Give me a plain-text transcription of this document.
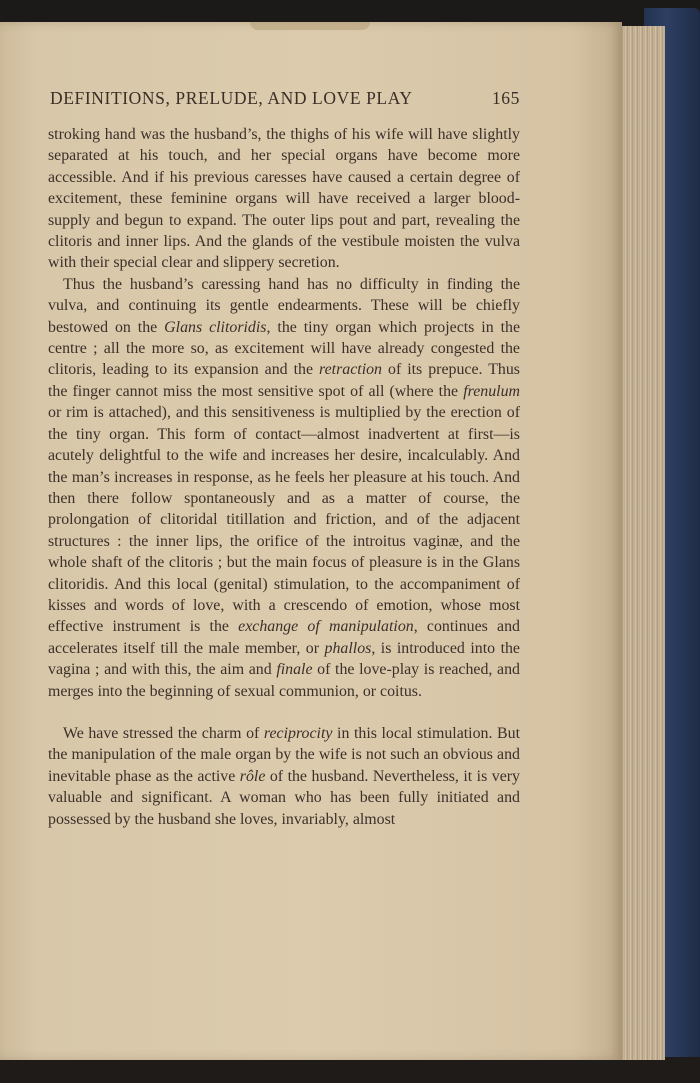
DEFINITIONS, PRELUDE, AND LOVE PLAY	165

stroking hand was the husband’s, the thighs of his wife will have slightly separated at his touch, and her special organs have become more accessible. And if his previous caresses have caused a certain degree of excitement, these feminine organs will have received a larger blood-supply and begun to expand. The outer lips pout and part, revealing the clitoris and inner lips. And the glands of the vestibule moisten the vulva with their special clear and slippery secretion.

Thus the husband’s caressing hand has no difficulty in finding the vulva, and continuing its gentle endearments. These will be chiefly bestowed on the Glans clitoridis, the tiny organ which projects in the centre ; all the more so, as excitement will have already congested the clitoris, leading to its expansion and the retraction of its prepuce. Thus the finger cannot miss the most sensitive spot of all (where the frenulum or rim is attached), and this sensitiveness is multiplied by the erection of the tiny organ. This form of contact—almost inadvertent at first—is acutely delightful to the wife and increases her desire, incalculably. And the man’s increases in response, as he feels her pleasure at his touch. And then there follow spontaneously and as a matter of course, the prolongation of clitoridal titillation and friction, and of the adjacent structures : the inner lips, the orifice of the introitus vaginæ, and the whole shaft of the clitoris ; but the main focus of pleasure is in the Glans clitoridis. And this local (genital) stimulation, to the accompaniment of kisses and words of love, with a crescendo of emotion, whose most effective instrument is the exchange of manipulation, continues and accelerates itself till the male member, or phallos, is introduced into the vagina ; and with this, the aim and finale of the love-play is reached, and merges into the beginning of sexual communion, or coitus.

We have stressed the charm of reciprocity in this local stimulation. But the manipulation of the male organ by the wife is not such an obvious and inevitable phase as the active rôle of the husband. Nevertheless, it is very valuable and significant. A woman who has been fully initiated and possessed by the husband she loves, invariably, almost
